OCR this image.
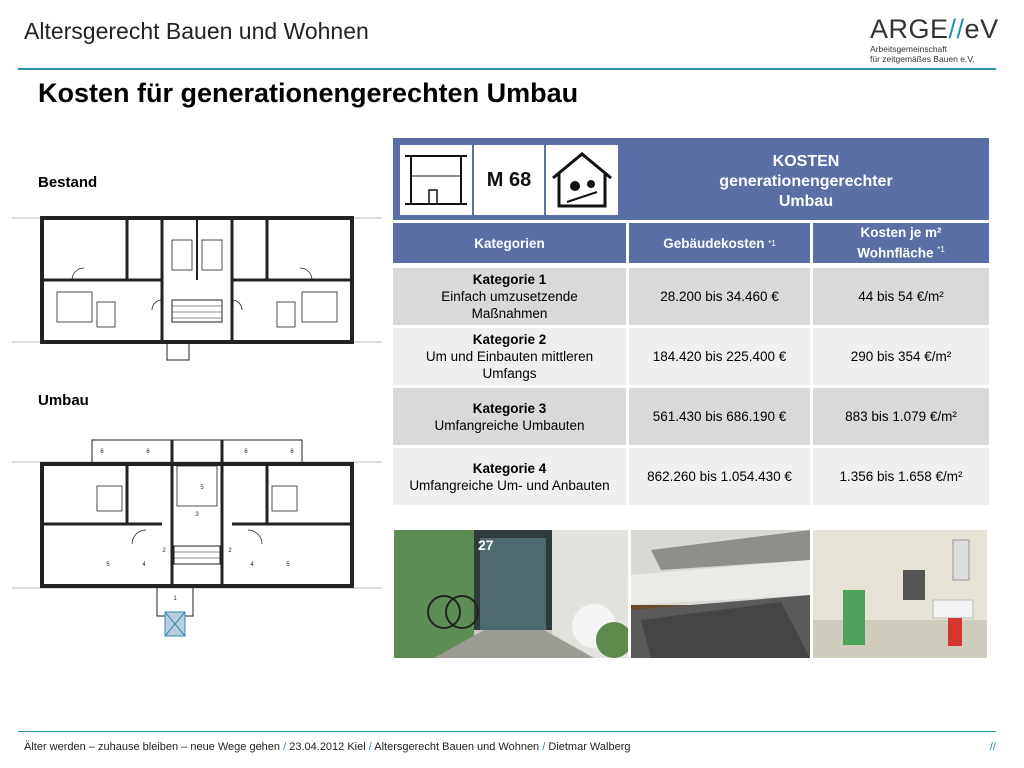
Altersgerecht Bauen und Wohnen	ARGE//eV
Arbeitsgemeinschaft
für zeitgemäßes Bauen e.V.
Kosten für generationengerechten Umbau
Bestand
Umbau
6	6	6	6
5
3
2	2
5	4	4	5
1
M 68
KOSTEN
generationengerechter
Umbau
Kategorien	Gebäudekosten
*1
Kosten je m²
Wohnfläche $^{*1}$
Kategorie 1
Einfach umzusetzende
Maßnahmen
28.200 bis 34.460 €	44 bis 54 €/m²
Kategorie 2
Um und Einbauten mittleren
Umfangs
184.420 bis 225.400 €	290 bis 354 €/m²
Kategorie 3
Umfangreiche Umbauten
561.430 bis 686.190 €	883 bis 1.079 €/m²
Kategorie 4
Umfangreiche Um- und Anbauten
862.260 bis 1.054.430 €	1.356 bis 1.658 €/m²
27
Älter werden – zuhause bleiben – neue Wege gehen / 23.04.2012 Kiel / Altersgerecht Bauen und Wohnen / Dietmar Walberg	//
